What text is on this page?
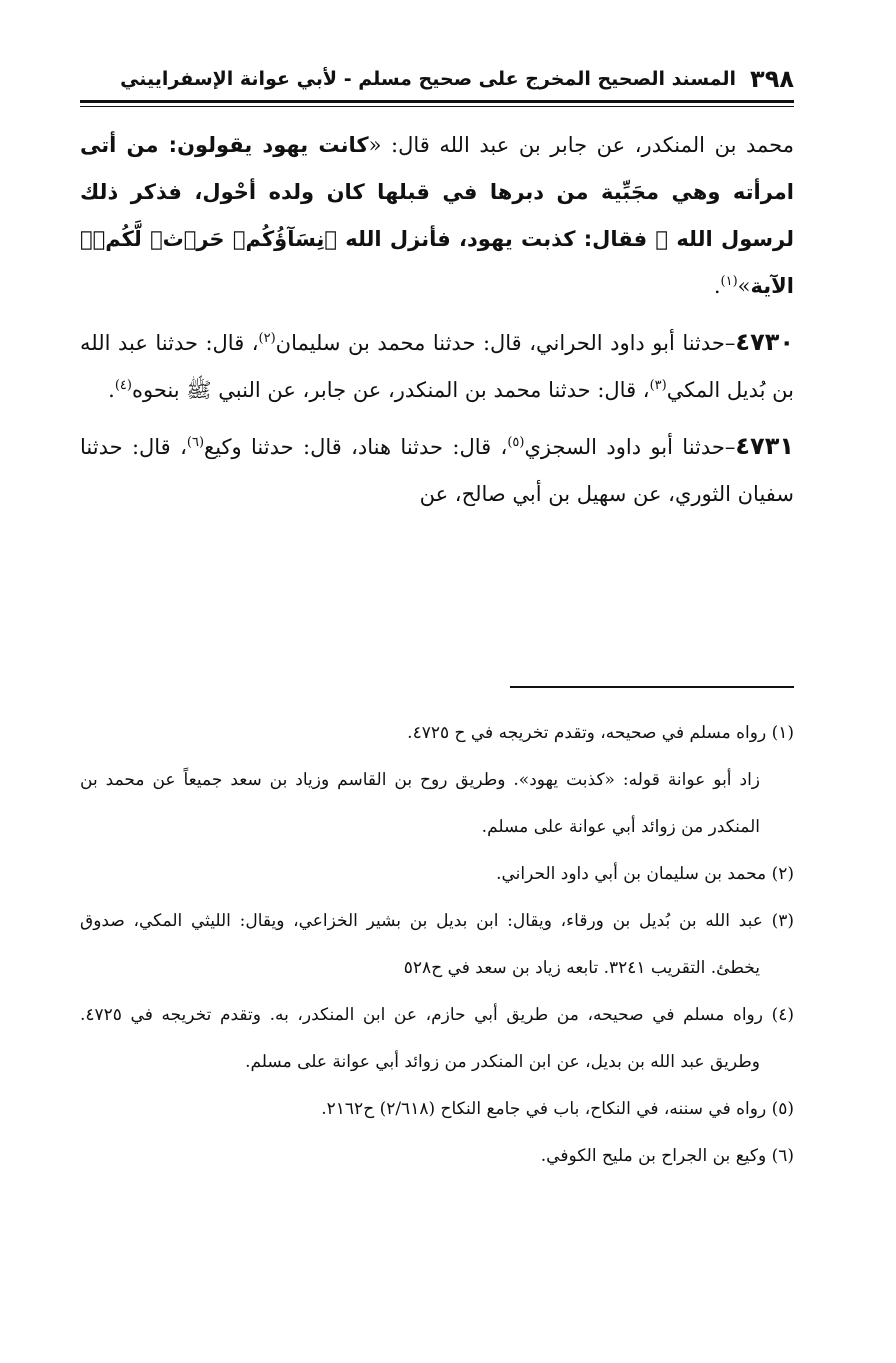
٣٩٨
المسند الصحيح المخرج على صحيح مسلم - لأبي عوانة الإسفراييني

محمد بن المنكدر، عن جابر بن عبد الله قال: «كانت يهود يقولون: من أتى امرأته وهي مجَبِّية من دبرها في قبلها كان ولده أحْول، فذكر ذلك لرسول الله ﷺ فقال: كذبت يهود، فأنزل الله ﴿نِسَآؤُكُمۡ حَرۡثٞ لَّكُمۡ﴾ الآية»$^{(١)}$.

٤٧٣٠–حدثنا أبو داود الحراني، قال: حدثنا محمد بن سليمان$^{(٢)}$، قال: حدثنا عبد الله بن بُديل المكي$^{(٣)}$، قال: حدثنا محمد بن المنكدر، عن جابر، عن النبي ﷺ بنحوه$^{(٤)}$.

٤٧٣١–حدثنا أبو داود السجزي$^{(٥)}$، قال: حدثنا هناد، قال: حدثنا وكيع$^{(٦)}$، قال: حدثنا سفيان الثوري، عن سهيل بن أبي صالح، عن

(١) رواه مسلم في صحيحه، وتقدم تخريجه في ح ٤٧٢٥.

زاد أبو عوانة قوله: «كذبت يهود». وطريق روح بن القاسم وزياد بن سعد جميعاً عن محمد بن المنكدر من زوائد أبي عوانة على مسلم.

(٢) محمد بن سليمان بن أبي داود الحراني.

(٣) عبد الله بن بُديل بن ورقاء، ويقال: ابن بديل بن بشير الخزاعي، ويقال: الليثي المكي، صدوق يخطئ. التقريب ٣٢٤١. تابعه زياد بن سعد في ح٥٢٨

(٤) رواه مسلم في صحيحه، من طريق أبي حازم، عن ابن المنكدر، به. وتقدم تخريجه في ٤٧٢٥. وطريق عبد الله بن بديل، عن ابن المنكدر من زوائد أبي عوانة على مسلم.

(٥) رواه في سننه، في النكاح، باب في جامع النكاح (٢/٦١٨) ح٢١٦٢.

(٦) وكيع بن الجراح بن مليح الكوفي.
